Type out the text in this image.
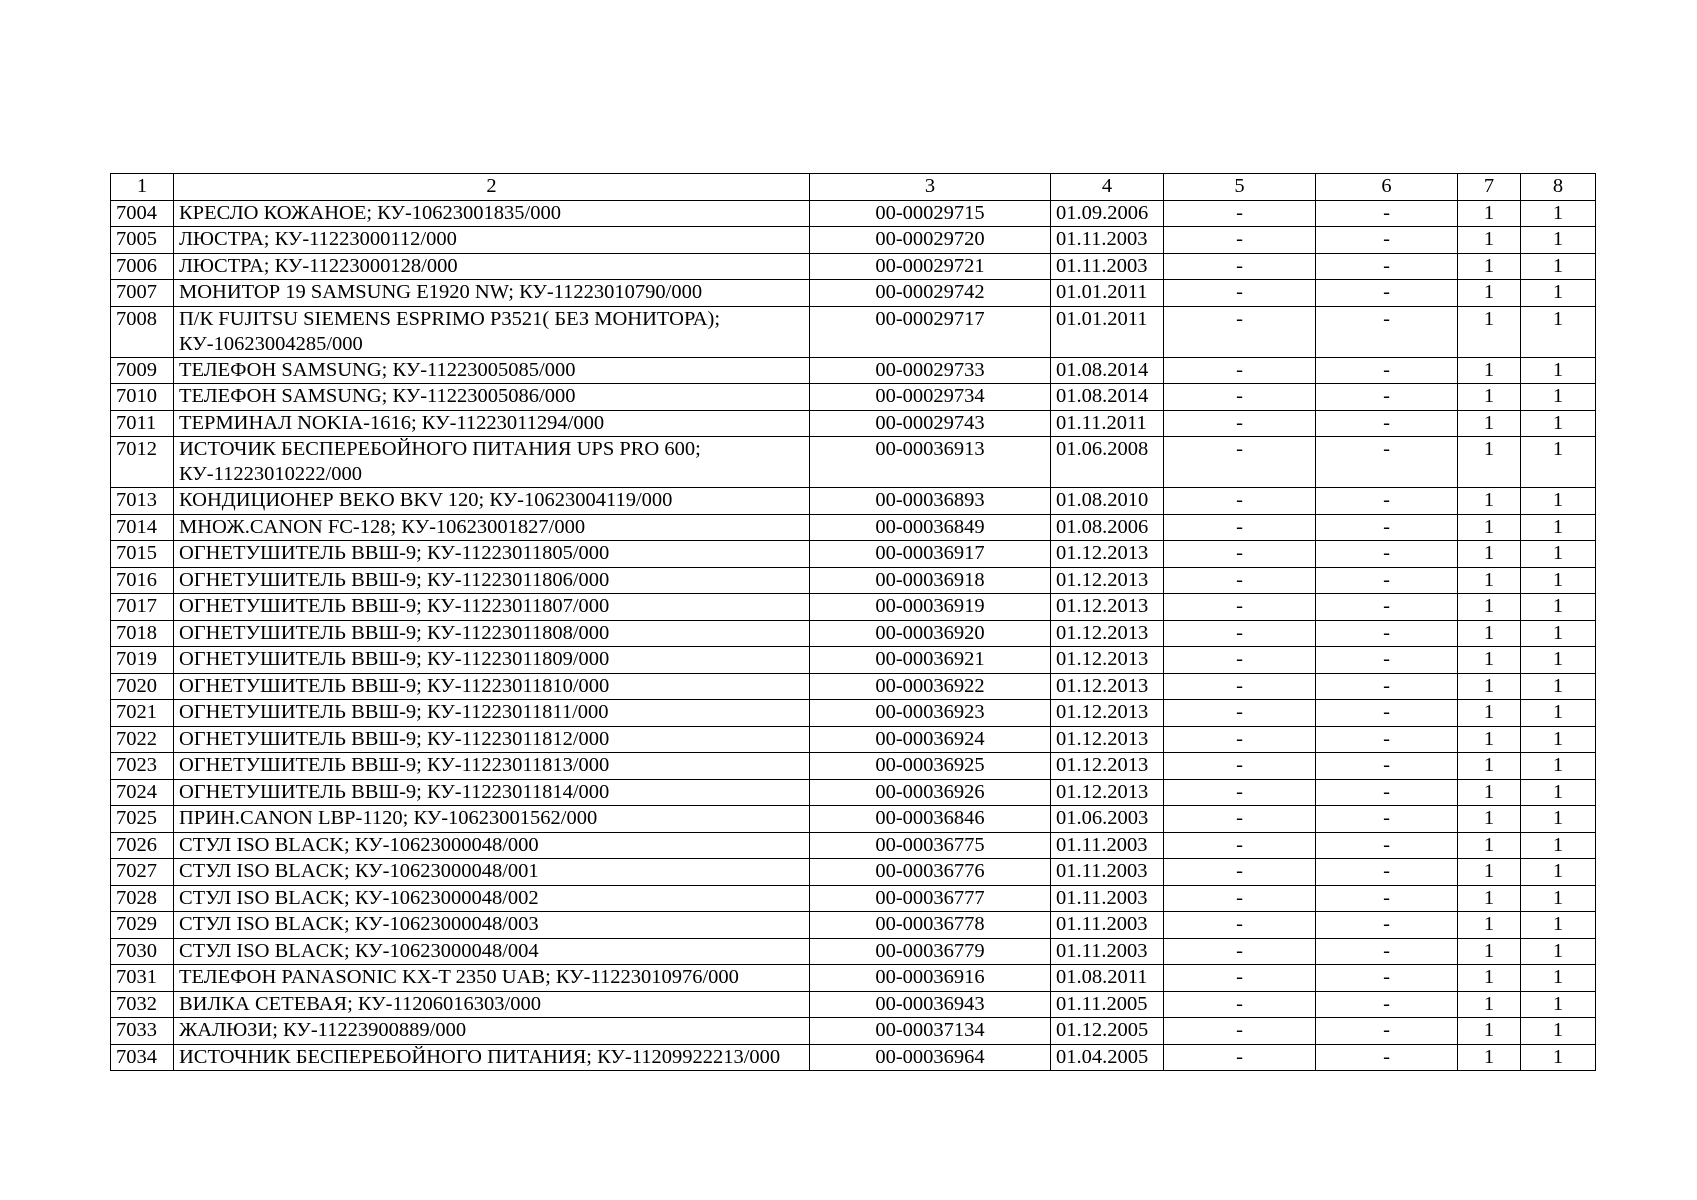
1	2	3	4	5	6	7	8
7004	КРЕСЛО КОЖАНОЕ; КУ-10623001835/000	00-00029715	01.09.2006	-	-	1	1
7005	ЛЮСТРА; КУ-11223000112/000	00-00029720	01.11.2003	-	-	1	1
7006	ЛЮСТРА; КУ-11223000128/000	00-00029721	01.11.2003	-	-	1	1
7007	МОНИТОР 19 SAMSUNG E1920 NW; КУ-11223010790/000	00-00029742	01.01.2011	-	-	1	1
7008	П/К FUJITSU SIEMENS ESPRIMO P3521( БЕЗ МОНИТОРА); КУ-10623004285/000	00-00029717	01.01.2011	-	-	1	1
7009	ТЕЛЕФОН SAMSUNG; КУ-11223005085/000	00-00029733	01.08.2014	-	-	1	1
7010	ТЕЛЕФОН SAMSUNG; КУ-11223005086/000	00-00029734	01.08.2014	-	-	1	1
7011	ТЕРМИНАЛ NOKIA-1616; КУ-11223011294/000	00-00029743	01.11.2011	-	-	1	1
7012	ИСТОЧИК БЕСПЕРЕБОЙНОГО ПИТАНИЯ UPS PRO 600; КУ-11223010222/000	00-00036913	01.06.2008	-	-	1	1
7013	КОНДИЦИОНЕР BEKO BKV 120; КУ-10623004119/000	00-00036893	01.08.2010	-	-	1	1
7014	МНОЖ.CANON FC-128; КУ-10623001827/000	00-00036849	01.08.2006	-	-	1	1
7015	ОГНЕТУШИТЕЛЬ ВВШ-9; КУ-11223011805/000	00-00036917	01.12.2013	-	-	1	1
7016	ОГНЕТУШИТЕЛЬ ВВШ-9; КУ-11223011806/000	00-00036918	01.12.2013	-	-	1	1
7017	ОГНЕТУШИТЕЛЬ ВВШ-9; КУ-11223011807/000	00-00036919	01.12.2013	-	-	1	1
7018	ОГНЕТУШИТЕЛЬ ВВШ-9; КУ-11223011808/000	00-00036920	01.12.2013	-	-	1	1
7019	ОГНЕТУШИТЕЛЬ ВВШ-9; КУ-11223011809/000	00-00036921	01.12.2013	-	-	1	1
7020	ОГНЕТУШИТЕЛЬ ВВШ-9; КУ-11223011810/000	00-00036922	01.12.2013	-	-	1	1
7021	ОГНЕТУШИТЕЛЬ ВВШ-9; КУ-11223011811/000	00-00036923	01.12.2013	-	-	1	1
7022	ОГНЕТУШИТЕЛЬ ВВШ-9; КУ-11223011812/000	00-00036924	01.12.2013	-	-	1	1
7023	ОГНЕТУШИТЕЛЬ ВВШ-9; КУ-11223011813/000	00-00036925	01.12.2013	-	-	1	1
7024	ОГНЕТУШИТЕЛЬ ВВШ-9; КУ-11223011814/000	00-00036926	01.12.2013	-	-	1	1
7025	ПРИН.CANON LBP-1120; КУ-10623001562/000	00-00036846	01.06.2003	-	-	1	1
7026	СТУЛ ISO BLACK; КУ-10623000048/000	00-00036775	01.11.2003	-	-	1	1
7027	СТУЛ ISO BLACK; КУ-10623000048/001	00-00036776	01.11.2003	-	-	1	1
7028	СТУЛ ISO BLACK; КУ-10623000048/002	00-00036777	01.11.2003	-	-	1	1
7029	СТУЛ ISO BLACK; КУ-10623000048/003	00-00036778	01.11.2003	-	-	1	1
7030	СТУЛ ISO BLACK; КУ-10623000048/004	00-00036779	01.11.2003	-	-	1	1
7031	ТЕЛЕФОН PANASONIC KX-T 2350 UAB; КУ-11223010976/000	00-00036916	01.08.2011	-	-	1	1
7032	ВИЛКА СЕТЕВАЯ; КУ-11206016303/000	00-00036943	01.11.2005	-	-	1	1
7033	ЖАЛЮЗИ; КУ-11223900889/000	00-00037134	01.12.2005	-	-	1	1
7034	ИСТОЧНИК БЕСПЕРЕБОЙНОГО ПИТАНИЯ; КУ-11209922213/000	00-00036964	01.04.2005	-	-	1	1
